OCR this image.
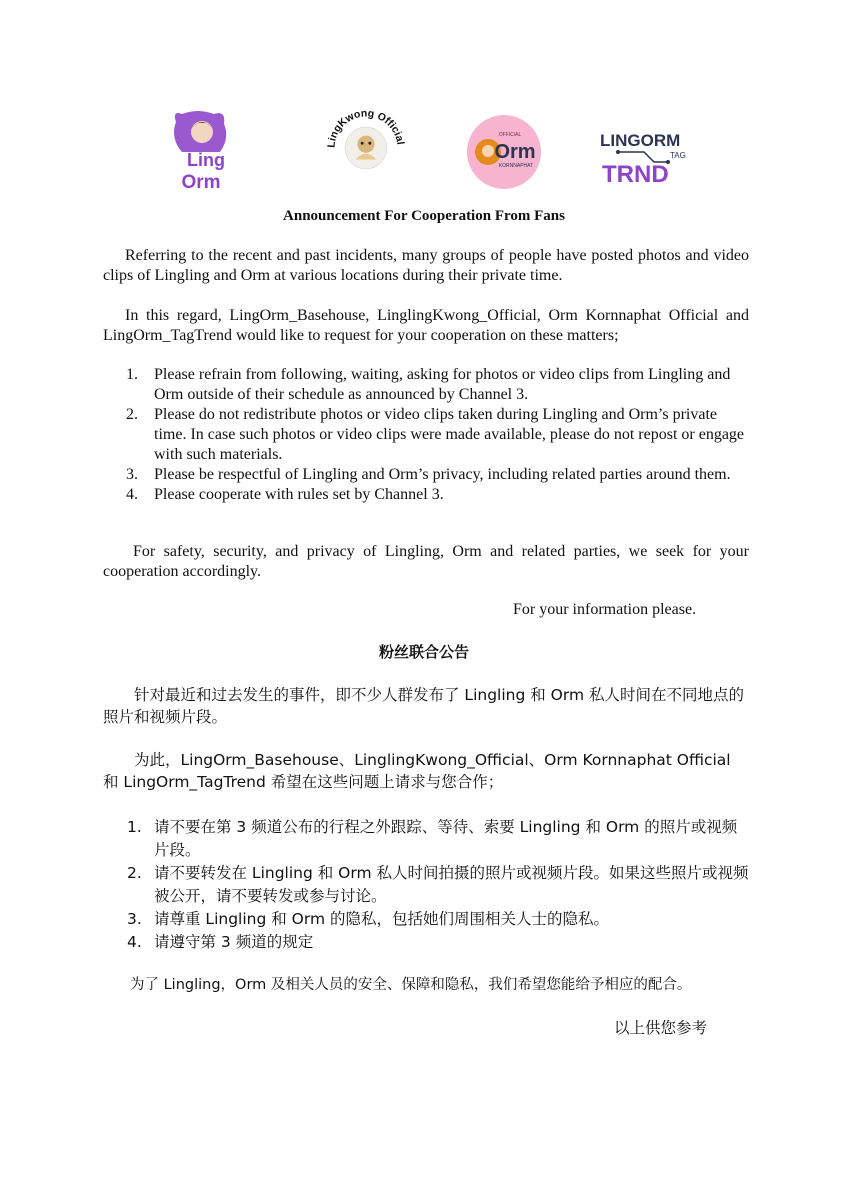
Ling
Orm
LingKwong Official
OFFICIAL
Orm
KORNNAPHAT
LINGORM
TAG
TRND
Announcement For Cooperation From Fans
Referring to the recent and past incidents, many groups of people have posted photos and video clips of Lingling and Orm at various locations during their private time.
In this regard, LingOrm_Basehouse, LinglingKwong_Official, Orm Kornnaphat Official and LingOrm_TagTrend would like to request for your cooperation on these matters;
1. Please refrain from following, waiting, asking for photos or video clips from Lingling and Orm outside of their schedule as announced by Channel 3.
2. Please do not redistribute photos or video clips taken during Lingling and Orm’s private time. In case such photos or video clips were made available, please do not repost or engage with such materials.
3. Please be respectful of Lingling and Orm’s privacy, including related parties around them.
4. Please cooperate with rules set by Channel 3.
For safety, security, and privacy of Lingling, Orm and related parties, we seek for your cooperation accordingly.
For your information please.
粉丝联合公告
针对最近和过去发生的事件，即不少人群发布了 Lingling 和 Orm 私人时间在不同地点的照片和视频片段。
为此，LingOrm_Basehouse、LinglingKwong_Official、Orm Kornnaphat Official 和 LingOrm_TagTrend 希望在这些问题上请求与您合作；
1. 请不要在第 3 频道公布的行程之外跟踪、等待、索要 Lingling 和 Orm 的照片或视频片段。
2. 请不要转发在 Lingling 和 Orm 私人时间拍摄的照片或视频片段。如果这些照片或视频被公开，请不要转发或参与讨论。
3. 请尊重 Lingling 和 Orm 的隐私，包括她们周围相关人士的隐私。
4. 请遵守第 3 频道的规定
为了 Lingling，Orm 及相关人员的安全、保障和隐私，我们希望您能给予相应的配合。
以上供您参考
